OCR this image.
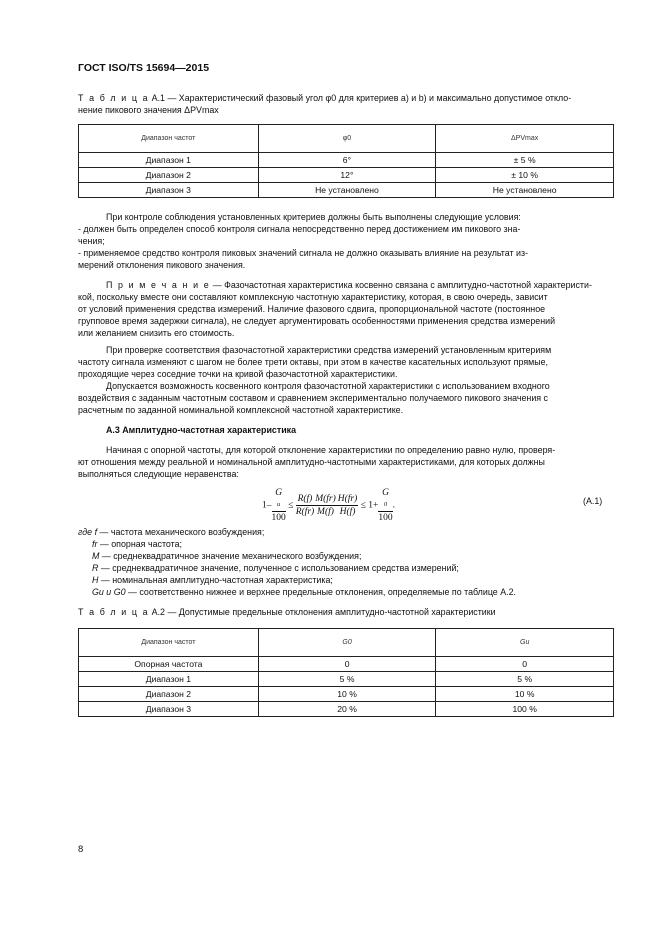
ГОСТ ISO/TS 15694—2015
Т а б л и ц а А.1 — Характеристический фазовый угол φ0 для критериев a) и b) и максимально допустимое откло-
нение пикового значения ΔPVmax
Диапазон частот	φ0	ΔPVmax
Диапазон 1	6°	± 5 %
Диапазон 2	12°	± 10 %
Диапазон 3	Не установлено	Не установлено
При контроле соблюдения установленных критериев должны быть выполнены следующие условия:
- должен быть определен способ контроля сигнала непосредственно перед достижением им пикового зна-
чения;
- применяемое средство контроля пиковых значений сигнала не должно оказывать влияние на результат из-
мерений отклонения пикового значения.
П р и м е ч а н и е — Фазочастотная характеристика косвенно связана с амплитудно-частотной характеристи-
кой, поскольку вместе они составляют комплексную частотную характеристику, которая, в свою очередь, зависит
от условий применения средства измерений. Наличие фазового сдвига, пропорциональной частоте (постоянное
групповое время задержки сигнала), не следует аргументировать особенностями применения средства измерений
или желанием снизить его стоимость.
При проверке соответствия фазочастотной характеристики средства измерений установленным критериям
частоту сигнала изменяют с шагом не более трети октавы, при этом в качестве касательных используют прямые,
проходящие через соседние точки на кривой фазочастотной характеристики.
Допускается возможность косвенного контроля фазочастотной характеристики с использованием входного
воздействия с заданным частотным составом и сравнением экспериментально получаемого пикового значения с
расчетным по заданной номинальной комплексной частотной характеристике.
А.3 Амплитудно-частотная характеристика
Начиная с опорной частоты, для которой отклонение характеристики по определению равно нулю, проверя-
ют отношения между реальной и номинальной амплитудно-частотными характеристиками, для которых должны
выполняться следующие неравенства:
1– G
u
$100 \le \frac{R(f)}{R(fr)} \frac{M(fr)}{M(f)} \frac{H(fr)}{H(f)} \le 1+ G$
0
100 .	(A.1)
где f — частота механического возбуждения;
fr — опорная частота;
M — среднеквадратичное значение механического возбуждения;
R — среднеквадратичное значение, полученное с использованием средства измерений;
H — номинальная амплитудно-частотная характеристика;
Gu и G0 — соответственно нижнее и верхнее предельные отклонения, определяемые по таблице А.2.
Т а б л и ц а А.2 — Допустимые предельные отклонения амплитудно-частотной характеристики
Диапазон частот	G0	Gu
Опорная частота	0	0
Диапазон 1	5 %	5 %
Диапазон 2	10 %	10 %
Диапазон 3	20 %	100 %
8
